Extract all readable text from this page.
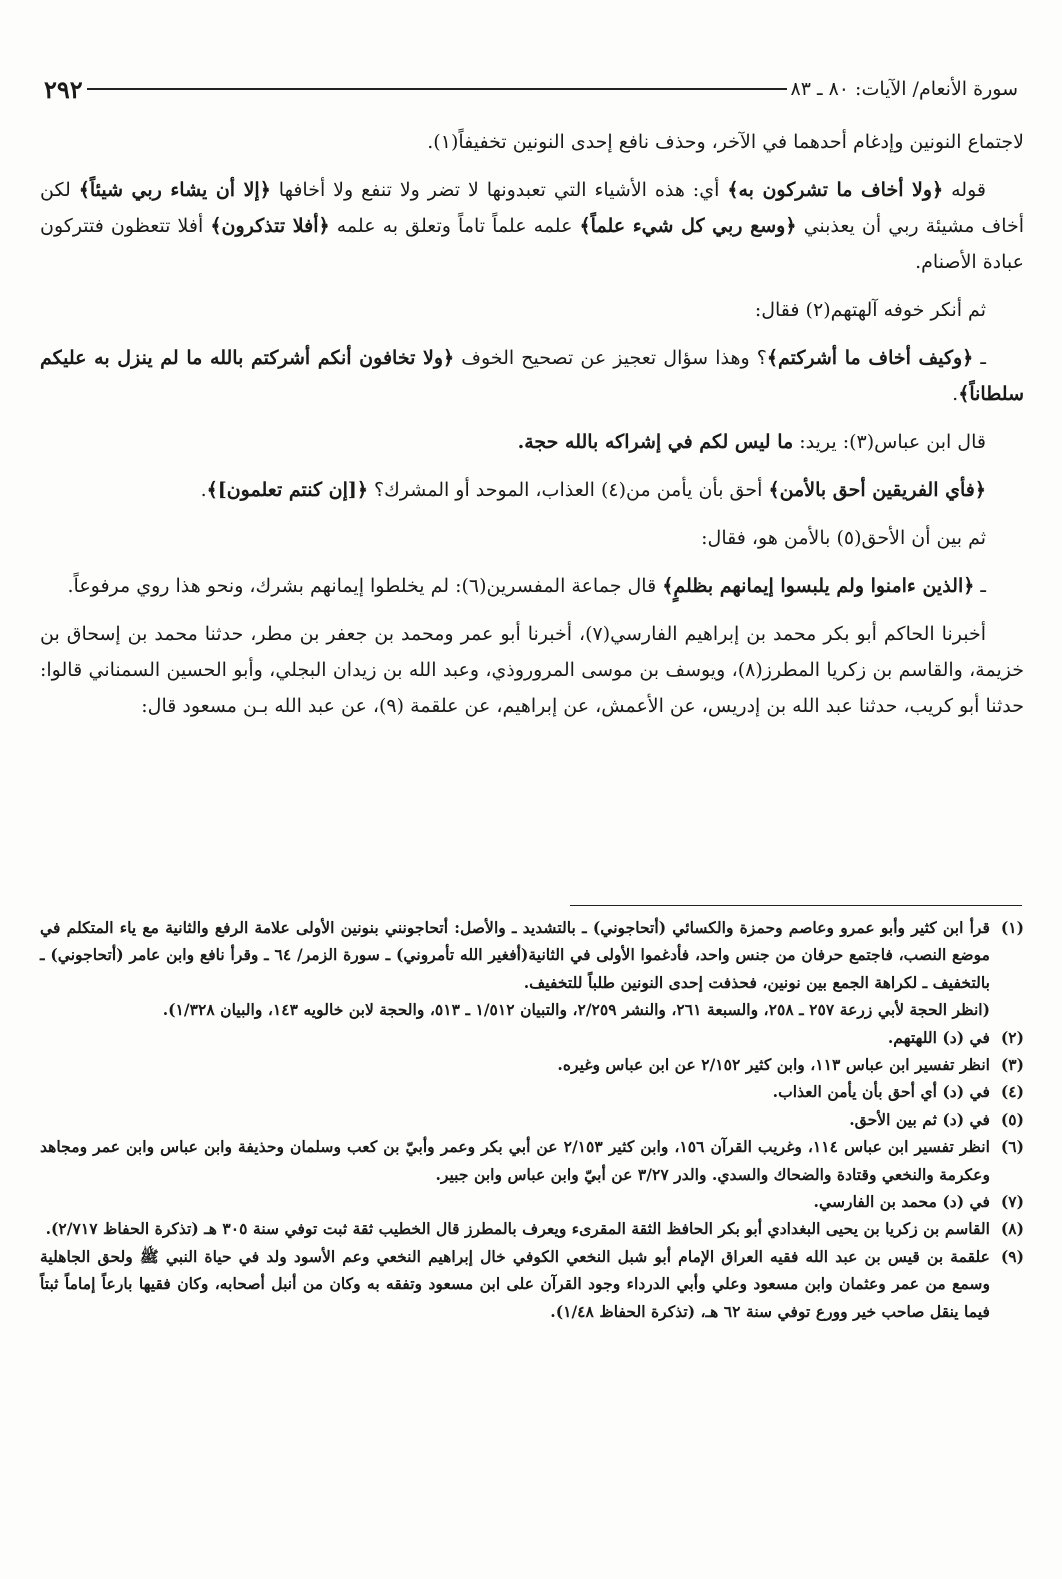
سورة الأنعام/ الآيات: ٨٠ ـ ٨٣
٢٩٢

لاجتماع النونين وإدغام أحدهما في الآخر، وحذف نافع إحدى النونين تخفيفاً(١).

قوله ﴿ولا أخاف ما تشركون به﴾ أي: هذه الأشياء التي تعبدونها لا تضر ولا تنفع ولا أخافها ﴿إلا أن يشاء ربي شيئاً﴾ لكن أخاف مشيئة ربي أن يعذبني ﴿وسع ربي كل شيء علماً﴾ علمه علماً تاماً وتعلق به علمه ﴿أفلا تتذكرون﴾ أفلا تتعظون فتتركون عبادة الأصنام.

ثم أنكر خوفه آلهتهم(٢) فقال:

ـ ﴿وكيف أخاف ما أشركتم﴾؟ وهذا سؤال تعجيز عن تصحيح الخوف ﴿ولا تخافون أنكم أشركتم بالله ما لم ينزل به عليكم سلطاناً﴾.

قال ابن عباس(٣): يريد: ما ليس لكم في إشراكه بالله حجة.

﴿فأي الفريقين أحق بالأمن﴾ أحق بأن يأمن من(٤) العذاب، الموحد أو المشرك؟ ﴿[إن كنتم تعلمون]﴾.

ثم بين أن الأحق(٥) بالأمن هو، فقال:

ـ ﴿الذين ءامنوا ولم يلبسوا إيمانهم بظلمٍ﴾ قال جماعة المفسرين(٦): لم يخلطوا إيمانهم بشرك، ونحو هذا روي مرفوعاً.

أخبرنا الحاكم أبو بكر محمد بن إبراهيم الفارسي(٧)، أخبرنا أبو عمر ومحمد بن جعفر بن مطر، حدثنا محمد بن إسحاق بن خزيمة، والقاسم بن زكريا المطرز(٨)، ويوسف بن موسى المروروذي، وعبد الله بن زيدان البجلي، وأبو الحسين السمناني قالوا: حدثنا أبو كريب، حدثنا عبد الله بن إدريس، عن الأعمش، عن إبراهيم، عن علقمة (٩)، عن عبد الله بـن مسعود قال:

(١)
قرأ ابن كثير وأبو عمرو وعاصم وحمزة والكسائي (أتحاجوني) ـ بالتشديد ـ والأصل: أتحاجونني بنونين الأولى علامة الرفع والثانية مع ياء المتكلم في موضع النصب، فاجتمع حرفان من جنس واحد، فأدغموا الأولى في الثانية(أفغير الله تأمروني) ـ سورة الزمر/ ٦٤ ـ وقرأ نافع وابن عامر (أتحاجوني) ـ بالتخفيف ـ لكراهة الجمع بين نونين، فحذفت إحدى النونين طلباً للتخفيف.
(انظر الحجة لأبي زرعة ٢٥٧ ـ ٢٥٨، والسبعة ٢٦١، والنشر ٢/٢٥٩، والتبيان ١/٥١٢ ـ ٥١٣، والحجة لابن خالويه ١٤٣، والبيان ١/٣٢٨).
(٢)
في (د) اللهتهم.
(٣)
انظر تفسير ابن عباس ١١٣، وابن كثير ٢/١٥٢ عن ابن عباس وغيره.
(٤)
في (د) أي أحق بأن يأمن العذاب.
(٥)
في (د) ثم بين الأحق.
(٦)
انظر تفسير ابن عباس ١١٤، وغريب القرآن ١٥٦، وابن كثير ٢/١٥٣ عن أبي بكر وعمر وأبيّ بن كعب وسلمان وحذيفة وابن عباس وابن عمر ومجاهد وعكرمة والنخعي وقتادة والضحاك والسدي. والدر ٣/٢٧ عن أبيّ وابن عباس وابن جبير.
(٧)
في (د) محمد بن الفارسي.
(٨)
القاسم بن زكريا بن يحيى البغدادي أبو بكر الحافظ الثقة المقرىء ويعرف بالمطرز قال الخطيب ثقة ثبت توفي سنة ٣٠٥ هـ (تذكرة الحفاظ ٢/٧١٧).
(٩)
علقمة بن قيس بن عبد الله فقيه العراق الإمام أبو شبل النخعي الكوفي خال إبراهيم النخعي وعم الأسود ولد في حياة النبي ﷺ ولحق الجاهلية وسمع من عمر وعثمان وابن مسعود وعلي وأبي الدرداء وجود القرآن على ابن مسعود وتفقه به وكان من أنبل أصحابه، وكان فقيها بارعاً إماماً ثبتاً فيما ينقل صاحب خير وورع توفي سنة ٦٢ هـ، (تذكرة الحفاظ ١/٤٨).
